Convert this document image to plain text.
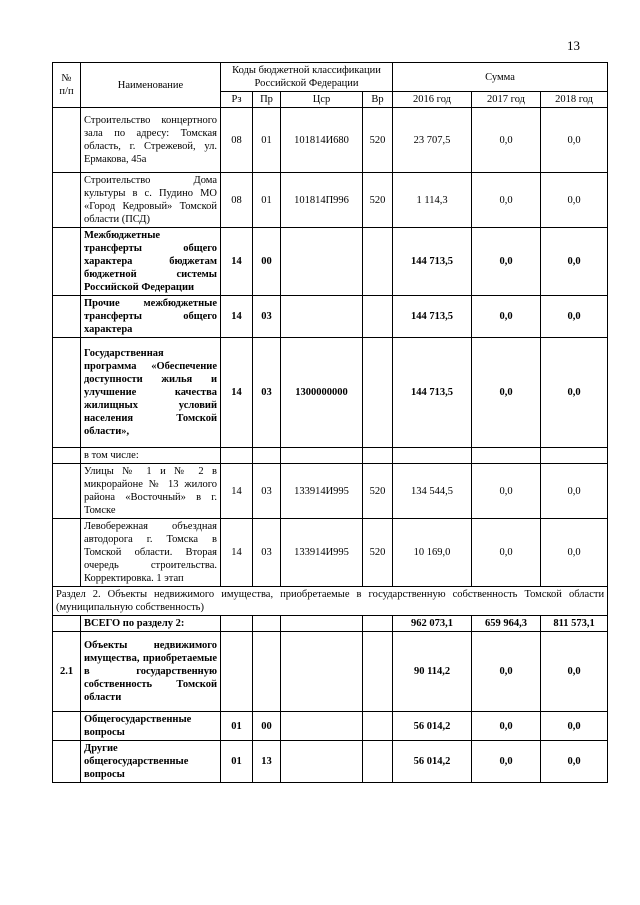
13
№ п/п	Наименование	Коды бюджетной классификации Российской Федерации				Сумма		
		Рз	Пр	Цср	Вр	2016 год	2017 год	2018 год
	Строительство концертного зала по адресу: Томская область, г. Стрежевой, ул. Ермакова, 45а	08	01	101814И680	520	23 707,5	0,0	0,0
	Строительство Дома культуры в с. Пудино МО «Город Кедровый» Томской области (ПСД)	08	01	101814П996	520	1 114,3	0,0	0,0
	Межбюджетные трансферты общего характера бюджетам бюджетной системы Российской Федерации	14	00			144 713,5	0,0	0,0
	Прочие межбюджетные трансферты общего характера	14	03			144 713,5	0,0	0,0
	Государственная программа «Обеспечение доступности жилья и улучшение качества жилищных условий населения Томской области»,	14	03	1300000000		144 713,5	0,0	0,0
	в том числе:							
	Улицы № 1 и № 2 в микрорайоне № 13 жилого района «Восточный» в г. Томске	14	03	133914И995	520	134 544,5	0,0	0,0
	Левобережная объездная автодорога г. Томска в Томской области. Вторая очередь строительства. Корректировка. 1 этап	14	03	133914И995	520	10 169,0	0,0	0,0
Раздел 2. Объекты недвижимого имущества, приобретаемые в государственную собственность Томской области (муниципальную собственность)								
	ВСЕГО по разделу 2:					962 073,1	659 964,3	811 573,1
2.1	Объекты недвижимого имущества, приобретаемые в государственную собственность Томской области					90 114,2	0,0	0,0
	Общегосударственные вопросы	01	00			56 014,2	0,0	0,0
	Другие общегосударственные вопросы	01	13			56 014,2	0,0	0,0
